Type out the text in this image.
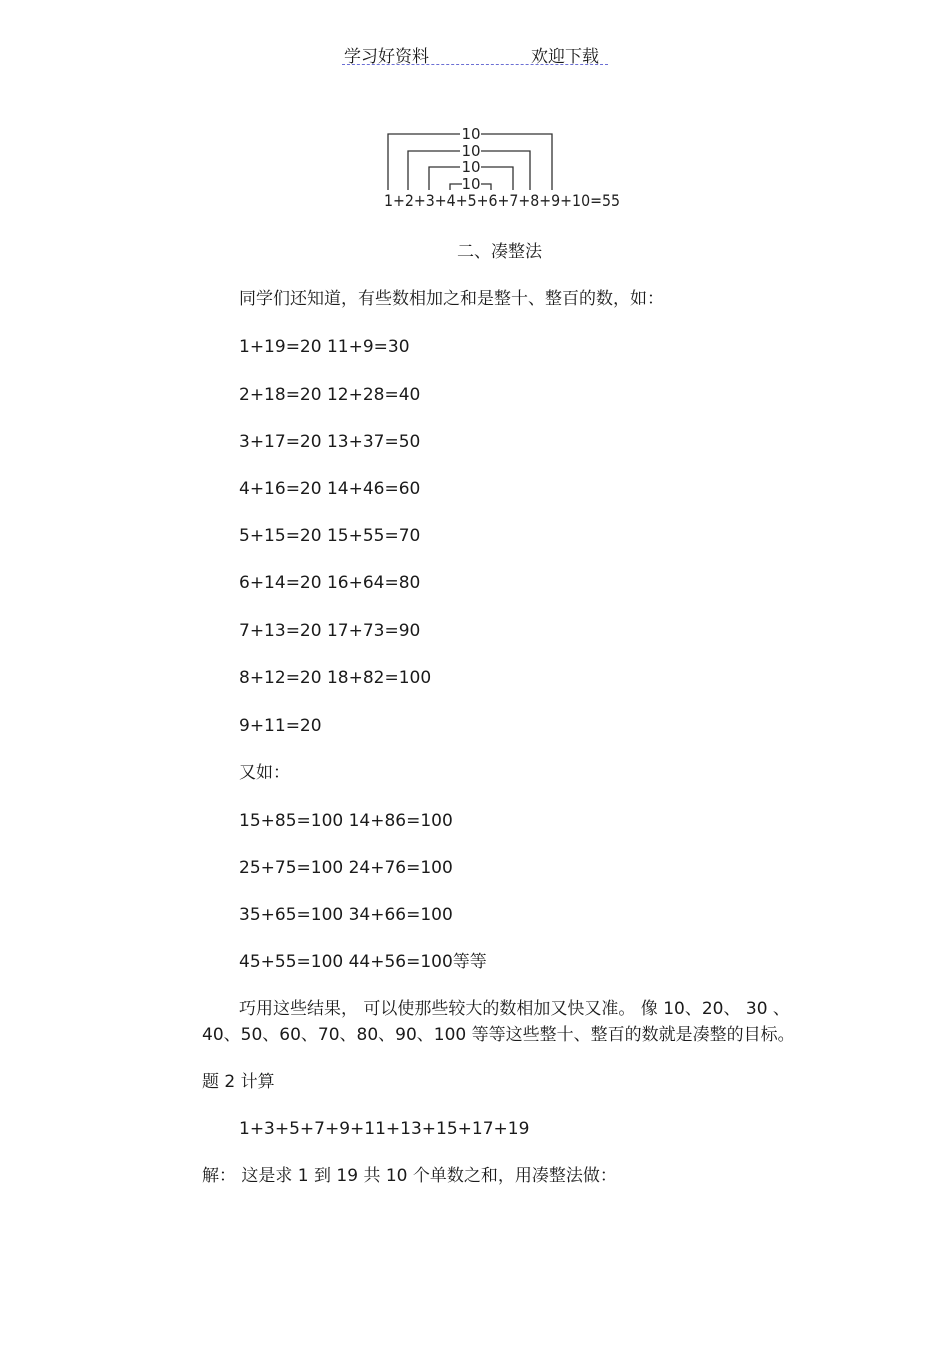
学习好资料	欢迎下载
10
10
10
10
1+2+3+4+5+6+7+8+9+10=55
二、凑整法
同学们还知道，有些数相加之和是整十、整百的数，如：
1+19=20 11+9=30
2+18=20 12+28=40
3+17=20 13+37=50
4+16=20 14+46=60
5+15=20 15+55=70
6+14=20 16+64=80
7+13=20 17+73=90
8+12=20 18+82=100
9+11=20
又如：
15+85=100 14+86=100
25+75=100 24+76=100
35+65=100 34+66=100
45+55=100 44+56=100等等
巧用这些结果， 可以使那些较大的数相加又快又准。 像 10、20、 30 、
40、50、60、70、80、90、100 等等这些整十、整百的数就是凑整的目标。
题 2 计算
1+3+5+7+9+11+13+15+17+19
解： 这是求 1 到 19 共 10 个单数之和，用凑整法做：
